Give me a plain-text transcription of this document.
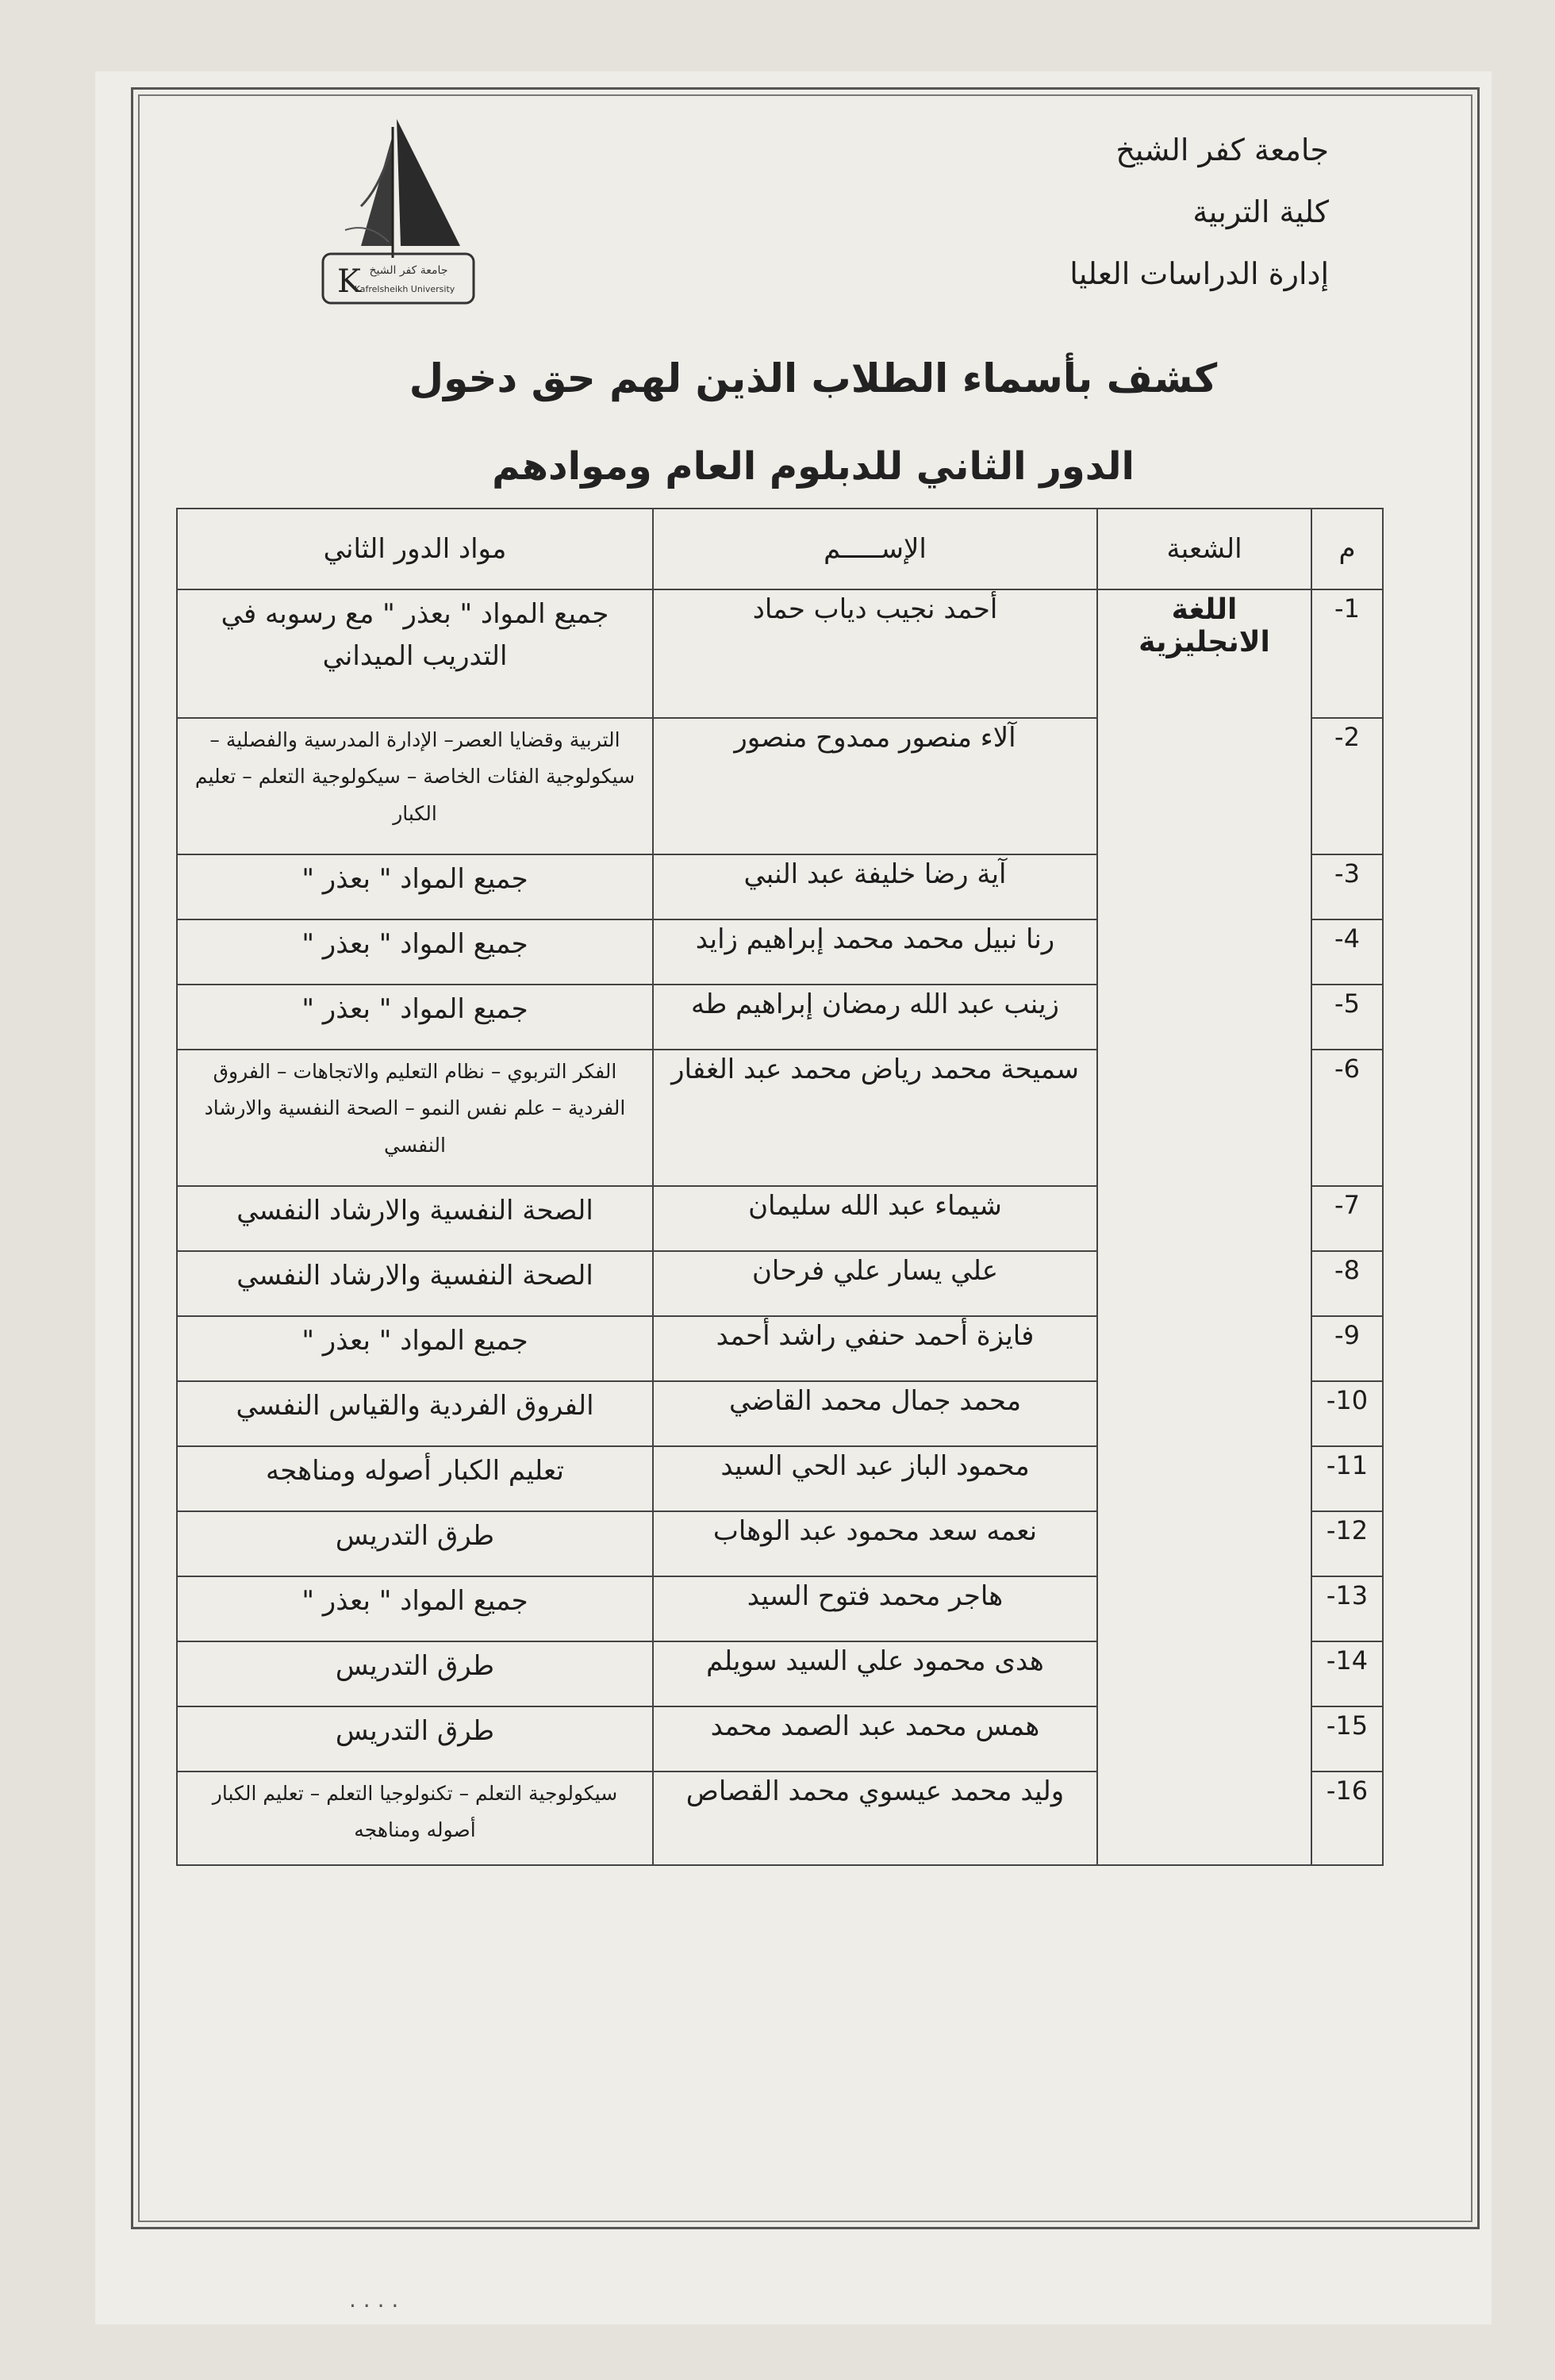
جامعة كفر الشيخ
كلية التربية
إدارة الدراسات العليا
K جامعة كفر الشيخ
Kafrelsheikh University
كشف بأسماء الطلاب الذين لهم حق دخول
الدور الثاني للدبلوم العام وموادهم
م	الشعبة	الإســـــم	مواد الدور الثاني
1-	اللغة الانجليزية	أحمد نجيب دياب حماد	جميع المواد " بعذر " مع رسوبه في التدريب الميداني
2-		آلاء منصور ممدوح منصور	التربية وقضايا العصر– الإدارة المدرسية والفصلية – سيكولوجية الفئات الخاصة – سيكولوجية التعلم – تعليم الكبار
3-		آية رضا خليفة عبد النبي	جميع المواد " بعذر "
4-		رنا نبيل محمد محمد إبراهيم زايد	جميع المواد " بعذر "
5-		زينب عبد الله رمضان إبراهيم طه	جميع المواد " بعذر "
6-		سميحة محمد رياض محمد عبد الغفار	الفكر التربوي – نظام التعليم والاتجاهات – الفروق الفردية – علم نفس النمو – الصحة النفسية والارشاد النفسي
7-		شيماء عبد الله سليمان	الصحة النفسية والارشاد النفسي
8-		علي يسار علي فرحان	الصحة النفسية والارشاد النفسي
9-		فايزة أحمد حنفي راشد أحمد	جميع المواد " بعذر "
10-		محمد جمال محمد القاضي	الفروق الفردية والقياس النفسي
11-		محمود الباز عبد الحي السيد	تعليم الكبار أصوله ومناهجه
12-		نعمه سعد محمود عبد الوهاب	طرق التدريس
13-		هاجر محمد فتوح السيد	جميع المواد " بعذر "
14-		هدى محمود علي السيد سويلم	طرق التدريس
15-		همس محمد عبد الصمد محمد	طرق التدريس
16-		وليد محمد عيسوي محمد القصاص	سيكولوجية التعلم – تكنولوجيا التعلم – تعليم الكبار أصوله ومناهجه
. . . .
